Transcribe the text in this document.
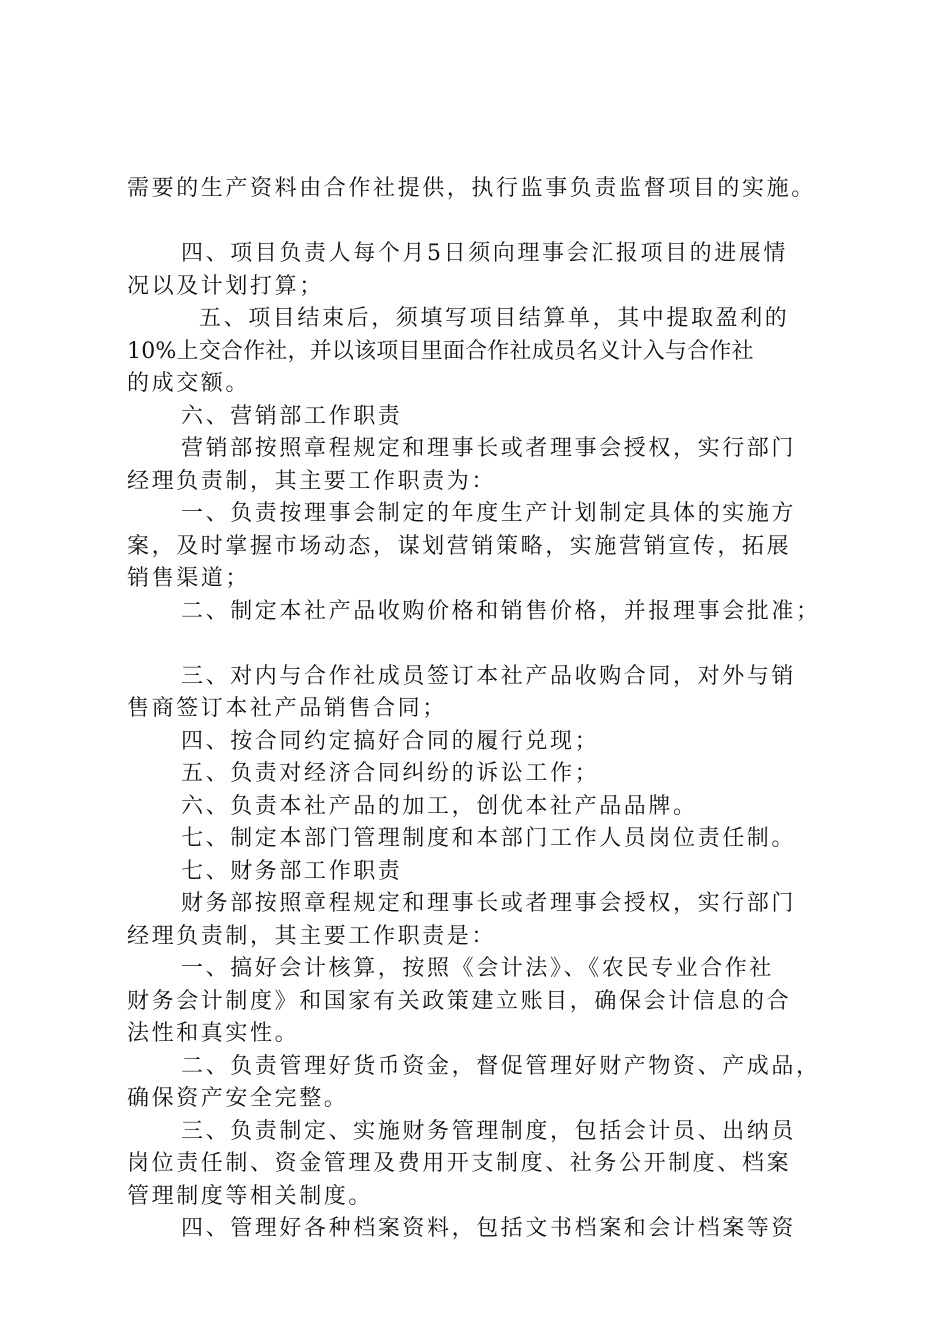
需要的生产资料由合作社提供，执行监事负责监督项目的实施。
四、项目负责人每个月5日须向理事会汇报项目的进展情
况以及计划打算；
五、项目结束后，须填写项目结算单，其中提取盈利的
10%上交合作社，并以该项目里面合作社成员名义计入与合作社
的成交额。
六、营销部工作职责
营销部按照章程规定和理事长或者理事会授权，实行部门
经理负责制，其主要工作职责为：
一、负责按理事会制定的年度生产计划制定具体的实施方
案，及时掌握市场动态，谋划营销策略，实施营销宣传，拓展
销售渠道；
二、制定本社产品收购价格和销售价格，并报理事会批准；
三、对内与合作社成员签订本社产品收购合同，对外与销
售商签订本社产品销售合同；
四、按合同约定搞好合同的履行兑现；
五、负责对经济合同纠纷的诉讼工作；
六、负责本社产品的加工，创优本社产品品牌。
七、制定本部门管理制度和本部门工作人员岗位责任制。
七、财务部工作职责
财务部按照章程规定和理事长或者理事会授权，实行部门
经理负责制，其主要工作职责是：
一、搞好会计核算，按照《会计法》、《农民专业合作社
财务会计制度》和国家有关政策建立账目，确保会计信息的合
法性和真实性。
二、负责管理好货币资金，督促管理好财产物资、产成品，
确保资产安全完整。
三、负责制定、实施财务管理制度，包括会计员、出纳员
岗位责任制、资金管理及费用开支制度、社务公开制度、档案
管理制度等相关制度。
四、管理好各种档案资料，包括文书档案和会计档案等资
